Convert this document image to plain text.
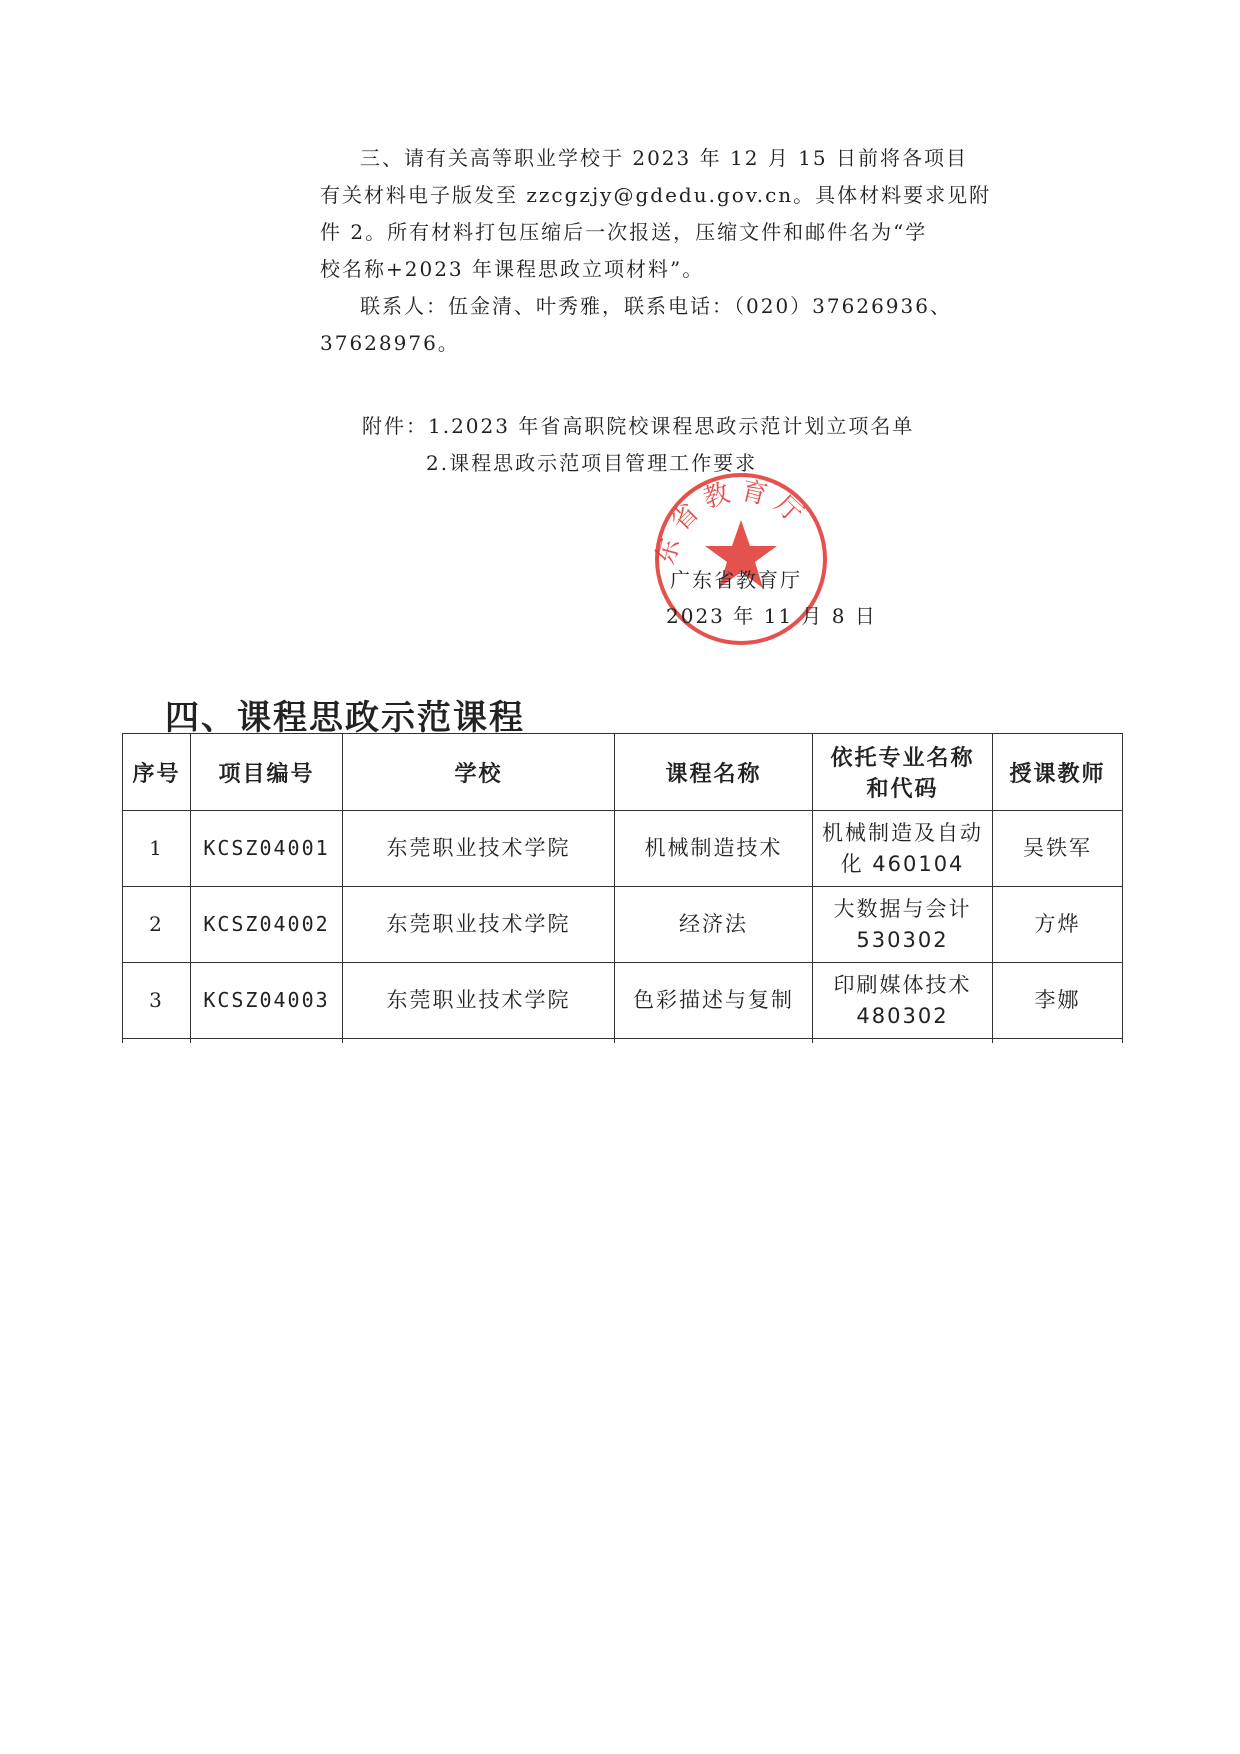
三、请有关高等职业学校于 2023 年 12 月 15 日前将各项目
有关材料电子版发至 zzcgzjy@gdedu.gov.cn。具体材料要求见附
件 2。所有材料打包压缩后一次报送，压缩文件和邮件名为“学
校名称+2023 年课程思政立项材料”。
联系人：伍金清、叶秀雅，联系电话：（020）37626936、
37628976。
附件：1.2023 年省高职院校课程思政示范计划立项名单
2.课程思政示范项目管理工作要求
东省教育厅
广东省教育厅
2023 年 11 月 8 日
四、课程思政示范课程
序号	项目编号	学校	课程名称	依托专业名称和代码	授课教师
1	KCSZ04001	东莞职业技术学院	机械制造技术	机械制造及自动化 460104	吴铁军
2	KCSZ04002	东莞职业技术学院	经济法	大数据与会计 530302	方烨
3	KCSZ04003	东莞职业技术学院	色彩描述与复制	印刷媒体技术 480302	李娜
